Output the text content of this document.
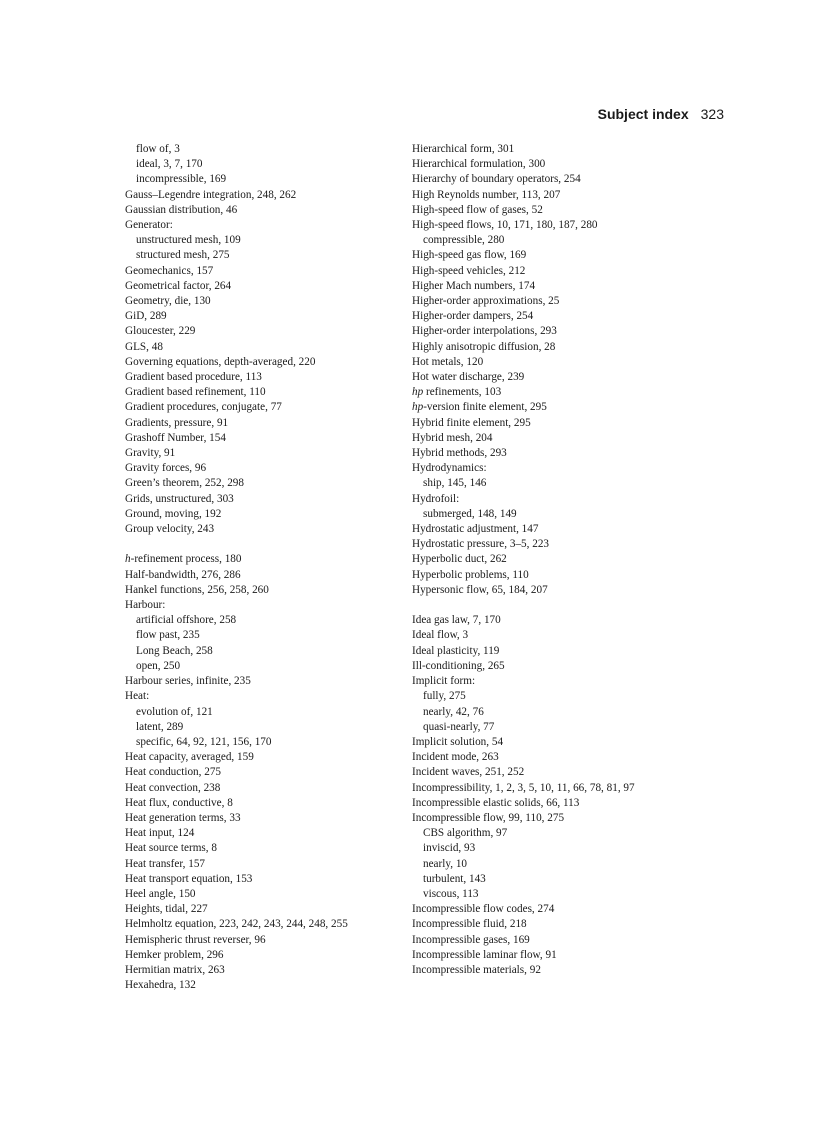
Subject index 323
flow of, 3
ideal, 3, 7, 170
incompressible, 169
Gauss–Legendre integration, 248, 262
Gaussian distribution, 46
Generator:
unstructured mesh, 109
structured mesh, 275
Geomechanics, 157
Geometrical factor, 264
Geometry, die, 130
GiD, 289
Gloucester, 229
GLS, 48
Governing equations, depth-averaged, 220
Gradient based procedure, 113
Gradient based refinement, 110
Gradient procedures, conjugate, 77
Gradients, pressure, 91
Grashoff Number, 154
Gravity, 91
Gravity forces, 96
Green’s theorem, 252, 298
Grids, unstructured, 303
Ground, moving, 192
Group velocity, 243
h-refinement process, 180
Half-bandwidth, 276, 286
Hankel functions, 256, 258, 260
Harbour:
artificial offshore, 258
flow past, 235
Long Beach, 258
open, 250
Harbour series, infinite, 235
Heat:
evolution of, 121
latent, 289
specific, 64, 92, 121, 156, 170
Heat capacity, averaged, 159
Heat conduction, 275
Heat convection, 238
Heat flux, conductive, 8
Heat generation terms, 33
Heat input, 124
Heat source terms, 8
Heat transfer, 157
Heat transport equation, 153
Heel angle, 150
Heights, tidal, 227
Helmholtz equation, 223, 242, 243, 244, 248, 255
Hemispheric thrust reverser, 96
Hemker problem, 296
Hermitian matrix, 263
Hexahedra, 132
Hierarchical form, 301
Hierarchical formulation, 300
Hierarchy of boundary operators, 254
High Reynolds number, 113, 207
High-speed flow of gases, 52
High-speed flows, 10, 171, 180, 187, 280
compressible, 280
High-speed gas flow, 169
High-speed vehicles, 212
Higher Mach numbers, 174
Higher-order approximations, 25
Higher-order dampers, 254
Higher-order interpolations, 293
Highly anisotropic diffusion, 28
Hot metals, 120
Hot water discharge, 239
hp refinements, 103
hp-version finite element, 295
Hybrid finite element, 295
Hybrid mesh, 204
Hybrid methods, 293
Hydrodynamics:
ship, 145, 146
Hydrofoil:
submerged, 148, 149
Hydrostatic adjustment, 147
Hydrostatic pressure, 3–5, 223
Hyperbolic duct, 262
Hyperbolic problems, 110
Hypersonic flow, 65, 184, 207
Idea gas law, 7, 170
Ideal flow, 3
Ideal plasticity, 119
Ill-conditioning, 265
Implicit form:
fully, 275
nearly, 42, 76
quasi-nearly, 77
Implicit solution, 54
Incident mode, 263
Incident waves, 251, 252
Incompressibility, 1, 2, 3, 5, 10, 11, 66, 78, 81, 97
Incompressible elastic solids, 66, 113
Incompressible flow, 99, 110, 275
CBS algorithm, 97
inviscid, 93
nearly, 10
turbulent, 143
viscous, 113
Incompressible flow codes, 274
Incompressible fluid, 218
Incompressible gases, 169
Incompressible laminar flow, 91
Incompressible materials, 92
